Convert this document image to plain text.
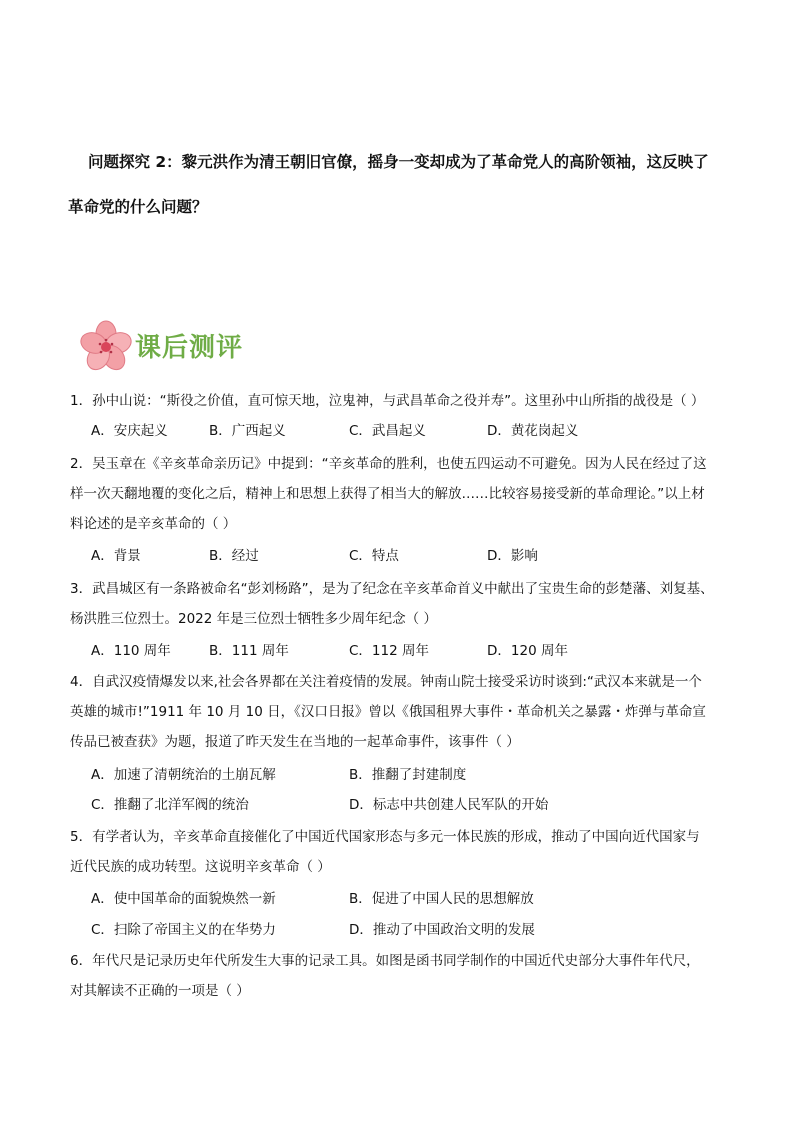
问题探究 2：黎元洪作为清王朝旧官僚，摇身一变却成为了革命党人的高阶领袖，这反映了
革命党的什么问题？
课后测评
1．孙中山说：“斯役之价值，直可惊天地，泣鬼神，与武昌革命之役并寿”。这里孙中山所指的战役是（ ）
A．安庆起义	B．广西起义	C．武昌起义	D．黄花岗起义
2．吴玉章在《辛亥革命亲历记》中提到：“辛亥革命的胜利，也使五四运动不可避免。因为人民在经过了这
样一次天翻地覆的变化之后，精神上和思想上获得了相当大的解放……比较容易接受新的革命理论。”以上材
料论述的是辛亥革命的（ ）
A．背景	B．经过	C．特点	D．影响
3．武昌城区有一条路被命名“彭刘杨路”，是为了纪念在辛亥革命首义中献出了宝贵生命的彭楚藩、刘复基、
杨洪胜三位烈士。2022 年是三位烈士牺牲多少周年纪念（ ）
A．110 周年	B．111 周年	C．112 周年	D．120 周年
4．自武汉疫情爆发以来,社会各界都在关注着疫情的发展。钟南山院士接受采访时谈到:“武汉本来就是一个
英雄的城市!”1911 年 10 月 10 日，《汉口日报》曾以《俄国租界大事件・革命机关之暴露・炸弹与革命宣
传品已被查获》为题，报道了昨天发生在当地的一起革命事件，该事件（ ）
A．加速了清朝统治的土崩瓦解	B．推翻了封建制度
C．推翻了北洋军阀的统治	D．标志中共创建人民军队的开始
5．有学者认为，辛亥革命直接催化了中国近代国家形态与多元一体民族的形成，推动了中国向近代国家与
近代民族的成功转型。这说明辛亥革命（ ）
A．使中国革命的面貌焕然一新	B．促进了中国人民的思想解放
C．扫除了帝国主义的在华势力	D．推动了中国政治文明的发展
6．年代尺是记录历史年代所发生大事的记录工具。如图是函书同学制作的中国近代史部分大事件年代尺，
对其解读不正确的一项是（ ）
